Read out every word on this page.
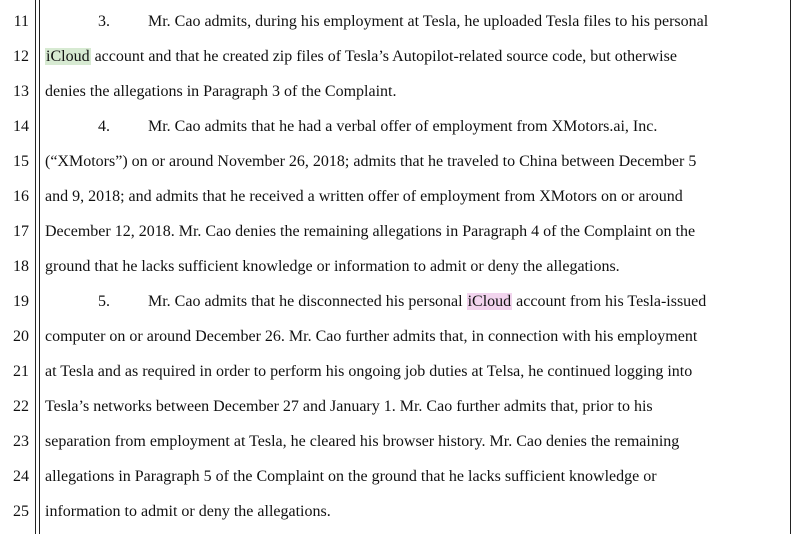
11	3. Mr. Cao admits, during his employment at Tesla, he uploaded Tesla files to his personal
12 iCloud account and that he created zip files of Tesla’s Autopilot-related source code, but otherwise
13 denies the allegations in Paragraph 3 of the Complaint.
14	4. Mr. Cao admits that he had a verbal offer of employment from XMotors.ai, Inc.
15 (“XMotors”) on or around November 26, 2018; admits that he traveled to China between December 5
16 and 9, 2018; and admits that he received a written offer of employment from XMotors on or around
17 December 12, 2018. Mr. Cao denies the remaining allegations in Paragraph 4 of the Complaint on the
18 ground that he lacks sufficient knowledge or information to admit or deny the allegations.
19	5. Mr. Cao admits that he disconnected his personal iCloud account from his Tesla-issued
20 computer on or around December 26. Mr. Cao further admits that, in connection with his employment
21 at Tesla and as required in order to perform his ongoing job duties at Telsa, he continued logging into
22 Tesla’s networks between December 27 and January 1. Mr. Cao further admits that, prior to his
23 separation from employment at Tesla, he cleared his browser history. Mr. Cao denies the remaining
24 allegations in Paragraph 5 of the Complaint on the ground that he lacks sufficient knowledge or
25 information to admit or deny the allegations.
